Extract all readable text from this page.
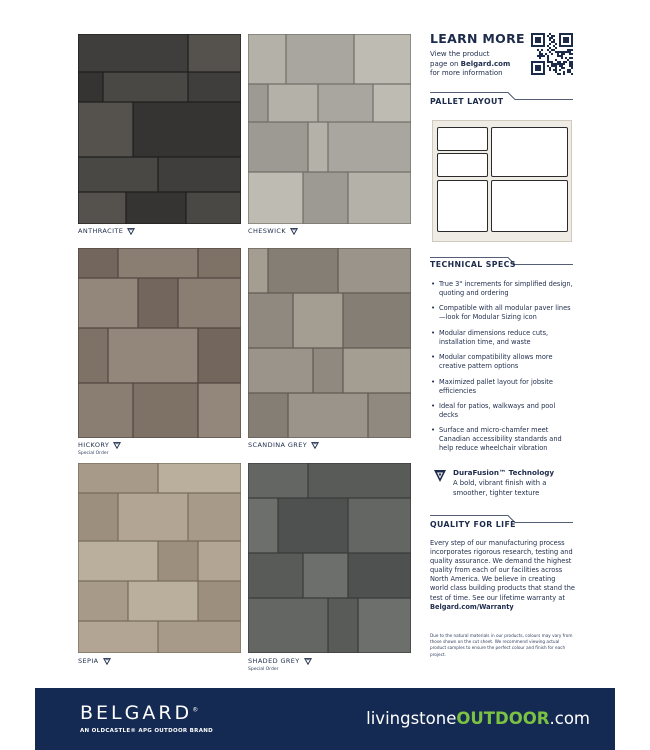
ANTHRACITE	CHESWICK
HICKORY
Special Order
SCANDINA GREY
SEPIA	SHADED GREY
Special Order
LEARN MORE
View the product
page on Belgard.com
for more information
PALLET LAYOUT
TECHNICAL SPECS
• True 3" increments for simplified design, quoting and ordering
• Compatible with all modular paver lines—look for Modular Sizing icon
• Modular dimensions reduce cuts, installation time, and waste
• Modular compatibility allows more creative pattern options
• Maximized pallet layout for jobsite efficiencies
• Ideal for patios, walkways and pool decks
• Surface and micro-chamfer meet Canadian accessibility standards and help reduce wheelchair vibration
DuraFusion™ Technology
A bold, vibrant finish with a smoother, tighter texture
QUALITY FOR LIFE
Every step of our manufacturing process incorporates rigorous research, testing and quality assurance. We demand the highest quality from each of our facilities across North America. We believe in creating world class building products that stand the test of time. See our lifetime warranty at Belgard.com/Warranty
Due to the natural materials in our products, colours may vary from those shown on the cut sheet. We recommend viewing actual product samples to ensure the perfect colour and finish for each project.
BELGARD®
AN OLDCASTLE® APG OUTDOOR BRAND
livingstoneOUTDOOR.com
